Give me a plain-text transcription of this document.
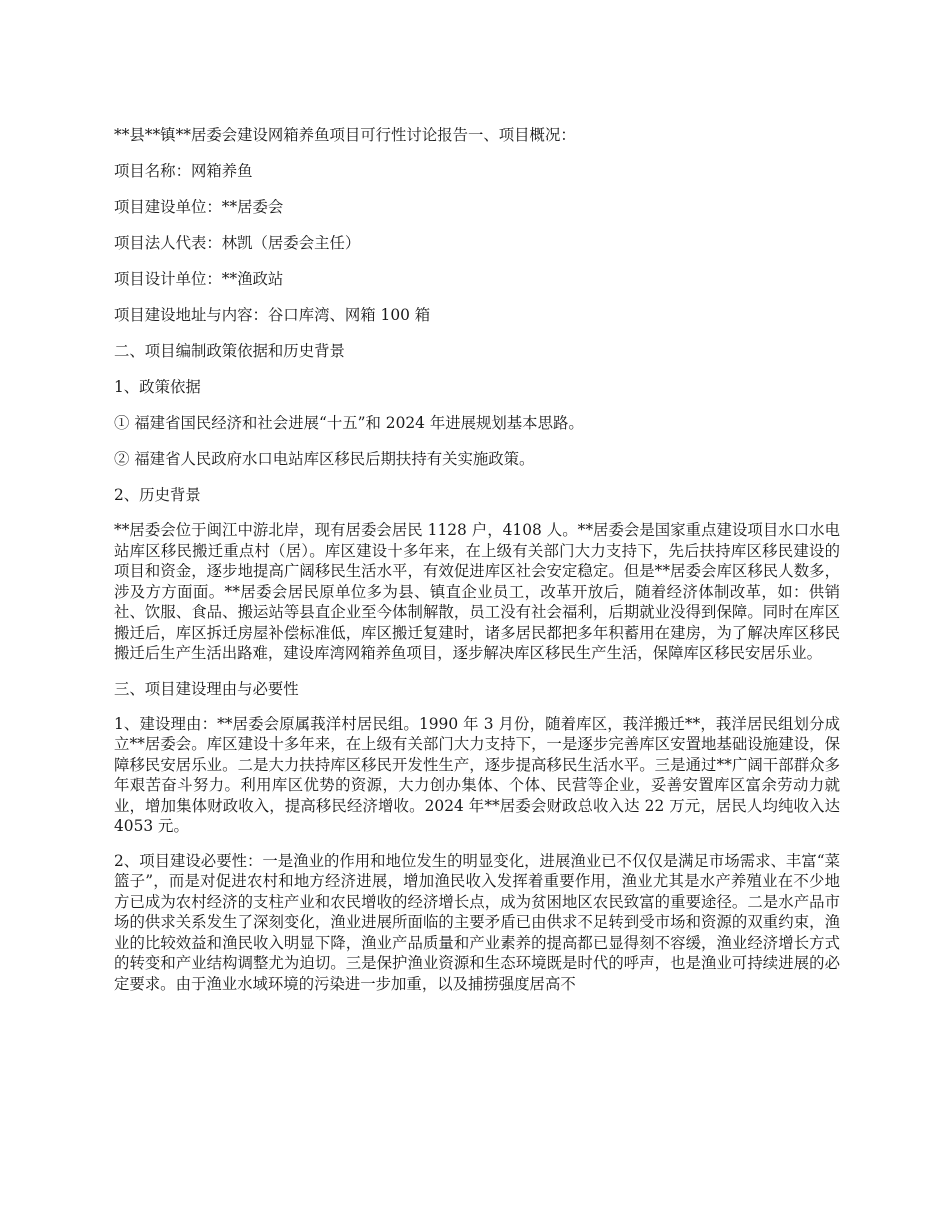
**县**镇**居委会建设网箱养鱼项目可行性讨论报告一、项目概况：
项目名称：网箱养鱼
项目建设单位：**居委会
项目法人代表：林凯（居委会主任）
项目设计单位：**渔政站
项目建设地址与内容：谷口库湾、网箱 100 箱
二、项目编制政策依据和历史背景
1、政策依据
① 福建省国民经济和社会进展“十五”和 2024 年进展规划基本思路。
② 福建省人民政府水口电站库区移民后期扶持有关实施政策。
2、历史背景

**居委会位于闽江中游北岸，现有居委会居民 1128 户，4108 人。**居委会是国家重点建设项目水口水电站库区移民搬迁重点村（居）。库区建设十多年来，在上级有关部门大力支持下，先后扶持库区移民建设的项目和资金，逐步地提高广阔移民生活水平，有效促进库区社会安定稳定。但是**居委会库区移民人数多，涉及方方面面。**居委会居民原单位多为县、镇直企业员工，改革开放后，随着经济体制改革，如：供销社、饮服、食品、搬运站等县直企业至今体制解散，员工没有社会福利，后期就业没得到保障。同时在库区搬迁后，库区拆迁房屋补偿标准低，库区搬迁复建时，诸多居民都把多年积蓄用在建房，为了解决库区移民搬迁后生产生活出路难，建设库湾网箱养鱼项目，逐步解决库区移民生产生活，保障库区移民安居乐业。

三、项目建设理由与必要性

1、建设理由：**居委会原属莪洋村居民组。1990 年 3 月份，随着库区，莪洋搬迁**，莪洋居民组划分成立**居委会。库区建设十多年来，在上级有关部门大力支持下，一是逐步完善库区安置地基础设施建设，保障移民安居乐业。二是大力扶持库区移民开发性生产，逐步提高移民生活水平。三是通过**广阔干部群众多年艰苦奋斗努力。利用库区优势的资源，大力创办集体、个体、民营等企业，妥善安置库区富余劳动力就业，增加集体财政收入，提高移民经济增收。2024 年**居委会财政总收入达 22 万元，居民人均纯收入达 4053 元。

2、项目建设必要性：一是渔业的作用和地位发生的明显变化，进展渔业已不仅仅是满足市场需求、丰富“菜篮子”，而是对促进农村和地方经济进展，增加渔民收入发挥着重要作用，渔业尤其是水产养殖业在不少地方已成为农村经济的支柱产业和农民增收的经济增长点，成为贫困地区农民致富的重要途径。二是水产品市场的供求关系发生了深刻变化，渔业进展所面临的主要矛盾已由供求不足转到受市场和资源的双重约束，渔业的比较效益和渔民收入明显下降，渔业产品质量和产业素养的提高都已显得刻不容缓，渔业经济增长方式的转变和产业结构调整尤为迫切。三是保护渔业资源和生态环境既是时代的呼声，也是渔业可持续进展的必定要求。由于渔业水域环境的污染进一步加重，以及捕捞强度居高不
